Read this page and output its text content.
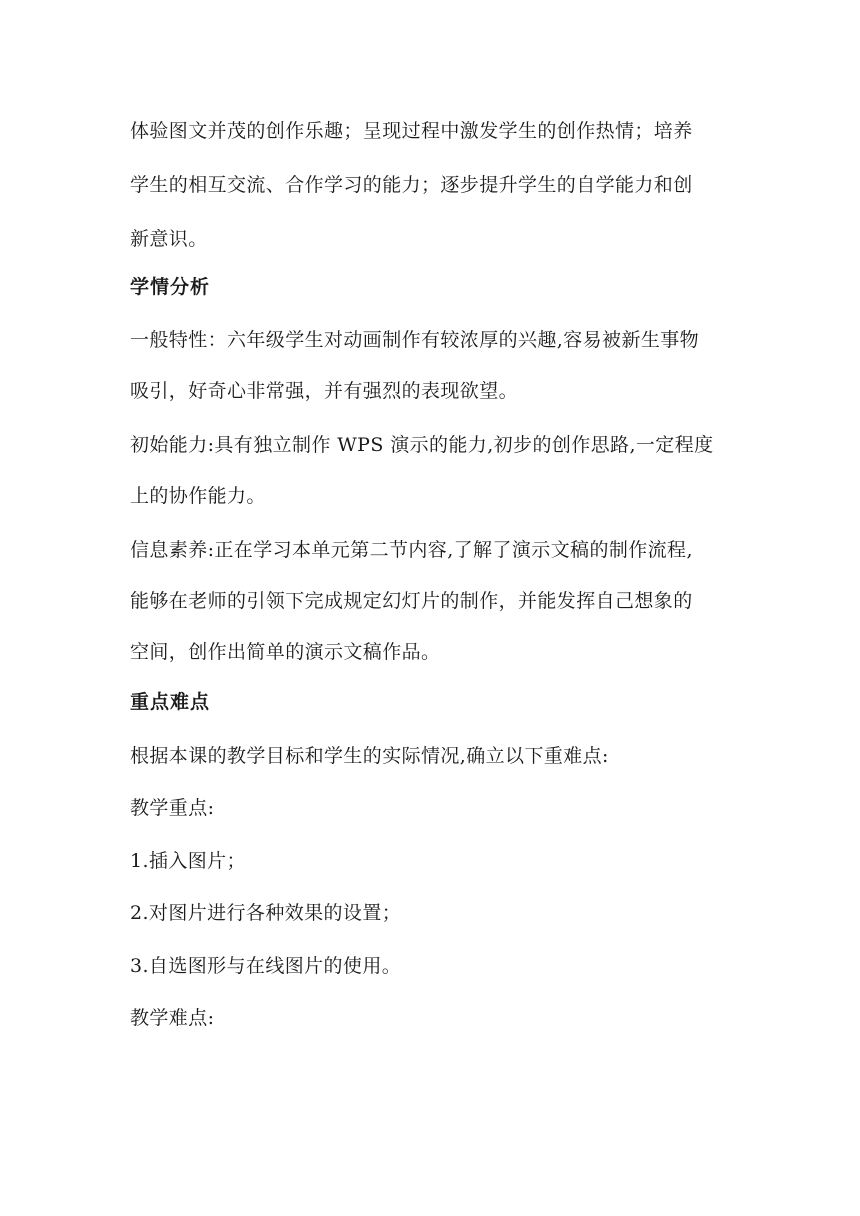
体验图文并茂的创作乐趣；呈现过程中激发学生的创作热情；培养
学生的相互交流、合作学习的能力；逐步提升学生的自学能力和创
新意识。
学情分析
一般特性：六年级学生对动画制作有较浓厚的兴趣,容易被新生事物
吸引，好奇心非常强，并有强烈的表现欲望。
初始能力:具有独立制作 WPS 演示的能力,初步的创作思路,一定程度
上的协作能力。
信息素养:正在学习本单元第二节内容,了解了演示文稿的制作流程,
能够在老师的引领下完成规定幻灯片的制作，并能发挥自己想象的
空间，创作出简单的演示文稿作品。
重点难点
根据本课的教学目标和学生的实际情况,确立以下重难点:
教学重点:
1.插入图片；
2.对图片进行各种效果的设置；
3.自选图形与在线图片的使用。
教学难点:
